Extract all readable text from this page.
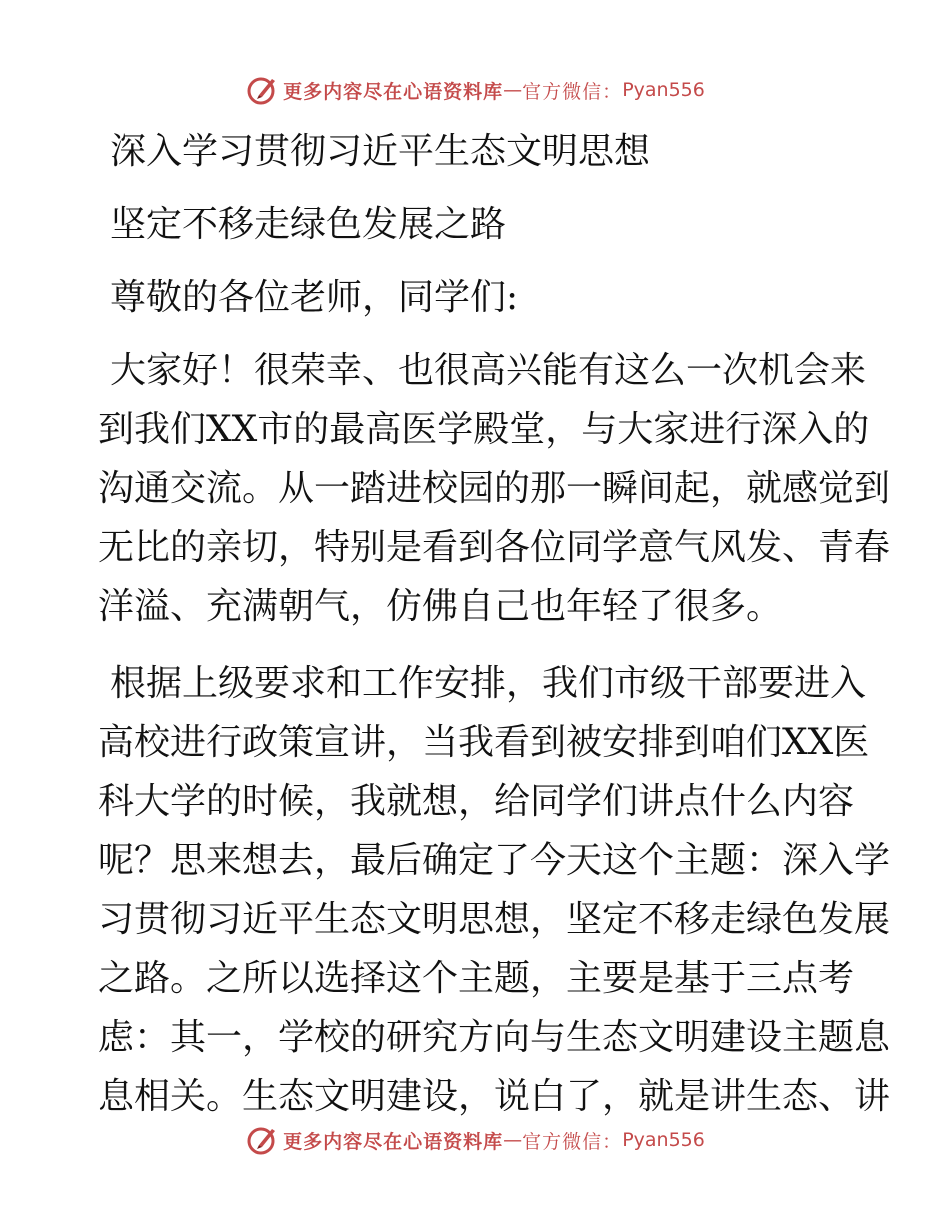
更多内容尽在心语资料库 — 官方微信： Pyan556
深入学习贯彻习近平生态文明思想
坚定不移走绿色发展之路
尊敬的各位老师，同学们:
大家好！很荣幸、也很高兴能有这么一次机会来
到我们XX市的最高医学殿堂，与大家进行深入的
沟通交流。从一踏进校园的那一瞬间起，就感觉到
无比的亲切，特别是看到各位同学意气风发、青春
洋溢、充满朝气，仿佛自己也年轻了很多。
根据上级要求和工作安排，我们市级干部要进入
高校进行政策宣讲，当我看到被安排到咱们XX医
科大学的时候，我就想，给同学们讲点什么内容
呢？思来想去，最后确定了今天这个主题：深入学
习贯彻习近平生态文明思想，坚定不移走绿色发展
之路。之所以选择这个主题，主要是基于三点考
虑：其一，学校的研究方向与生态文明建设主题息
息相关。生态文明建设，说白了，就是讲生态、讲
更多内容尽在心语资料库 — 官方微信： Pyan556
